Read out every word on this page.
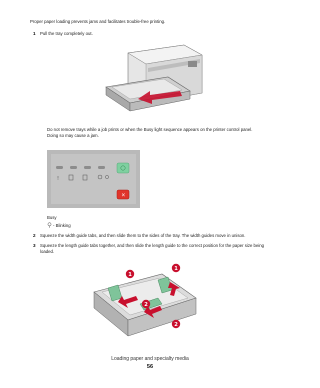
Proper paper loading prevents jams and facilitates trouble-free printing.
1 Pull the tray completely out.
Do not remove trays while a job prints or when the Busy light sequence appears on the printer control panel.
Doing so may cause a jam.
!
×
Busy
- Blinking
2 Squeeze the width guide tabs, and then slide them to the sides of the tray. The width guides move in unison.
3 Squeeze the length guide tabs together, and then slide the length guide to the correct position for the paper size being loaded.
1
1
2
2
Loading paper and specialty media
56
